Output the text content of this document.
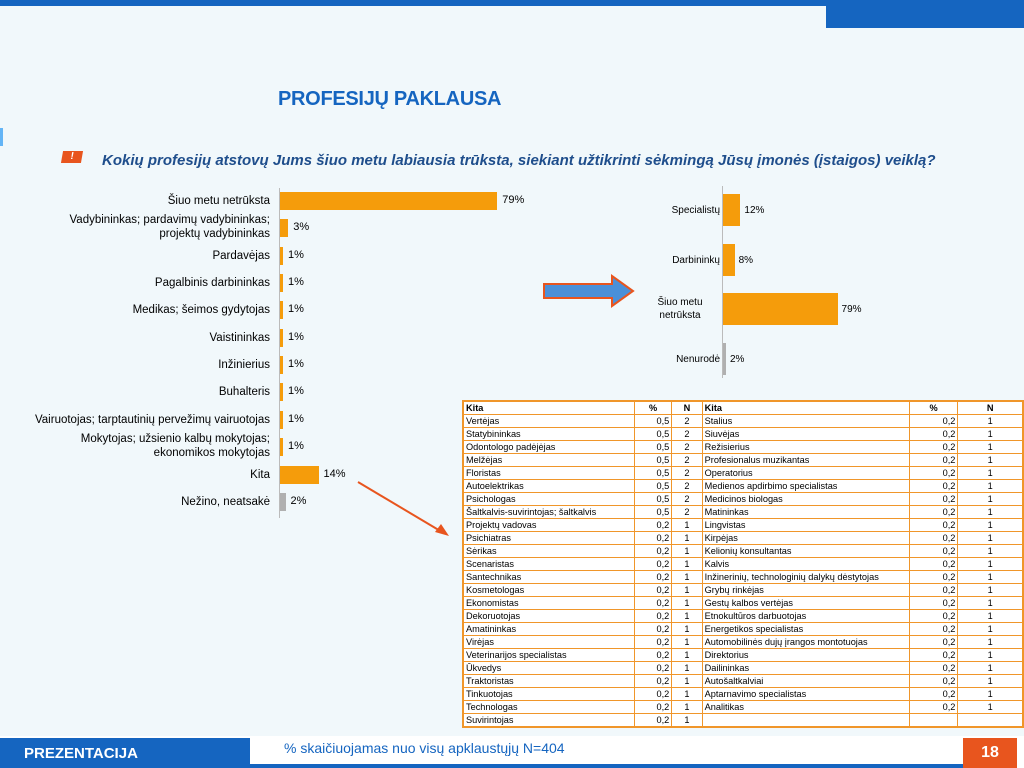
PROFESIJŲ PAKLAUSA
!	Kokių profesijų atstovų Jums šiuo metu labiausia trūksta, siekiant užtikrinti sėkmingą Jūsų įmonės (įstaigos) veiklą?
Šiuo metu netrūksta	79%
Vadybininkas; pardavimų vadybininkas;
projektų vadybininkas
3%
Pardavėjas 1%
Pagalbinis darbininkas 1%
Medikas; šeimos gydytojas 1%
Vaistininkas 1%
Inžinierius 1%
Buhalteris 1%
Vairuotojas; tarptautinių pervežimų vairuotojas 1%
Mokytojas; užsienio kalbų mokytojas;
ekonomikos mokytojas
1%
Kita	14%
Nežino, neatsakė 2%
Specialistų 12%
Darbininkų 8%
Šiuo metu
netrūksta
79%
Nenurodė 2%
Kita	%	N	Kita	%	N
Vertėjas	0,5	2	Stalius	0,2	1
Statybininkas	0,5	2	Siuvėjas	0,2	1
Odontologo padėjėjas	0,5	2	Režisierius	0,2	1
Melžėjas	0,5	2	Profesionalus muzikantas	0,2	1
Floristas	0,5	2	Operatorius	0,2	1
Autoelektrikas	0,5	2	Medienos apdirbimo specialistas	0,2	1
Psichologas	0,5	2	Medicinos biologas	0,2	1
Šaltkalvis-suvirintojas; šaltkalvis	0,5	2	Matininkas	0,2	1
Projektų vadovas	0,2	1	Lingvistas	0,2	1
Psichiatras	0,2	1	Kirpėjas	0,2	1
Sėrikas	0,2	1	Kelionių konsultantas	0,2	1
Scenaristas	0,2	1	Kalvis	0,2	1
Santechnikas	0,2	1	Inžinerinių, technologinių dalykų dėstytojas	0,2	1
Kosmetologas	0,2	1	Grybų rinkėjas	0,2	1
Ekonomistas	0,2	1	Gestų kalbos vertėjas	0,2	1
Dekoruotojas	0,2	1	Etnokultūros darbuotojas	0,2	1
Amatininkas	0,2	1	Energetikos specialistas	0,2	1
Virėjas	0,2	1	Automobilinės dujų įrangos montotuojas	0,2	1
Veterinarijos specialistas	0,2	1	Direktorius	0,2	1
Ūkvedys	0,2	1	Dailininkas	0,2	1
Traktoristas	0,2	1	Autošaltkalviai	0,2	1
Tinkuotojas	0,2	1	Aptarnavimo specialistas	0,2	1
Technologas	0,2	1	Analitikas	0,2	1
Suvirintojas	0,2	1			
PREZENTACIJA	% skaičiuojamas nuo visų apklaustųjų N=404	18
